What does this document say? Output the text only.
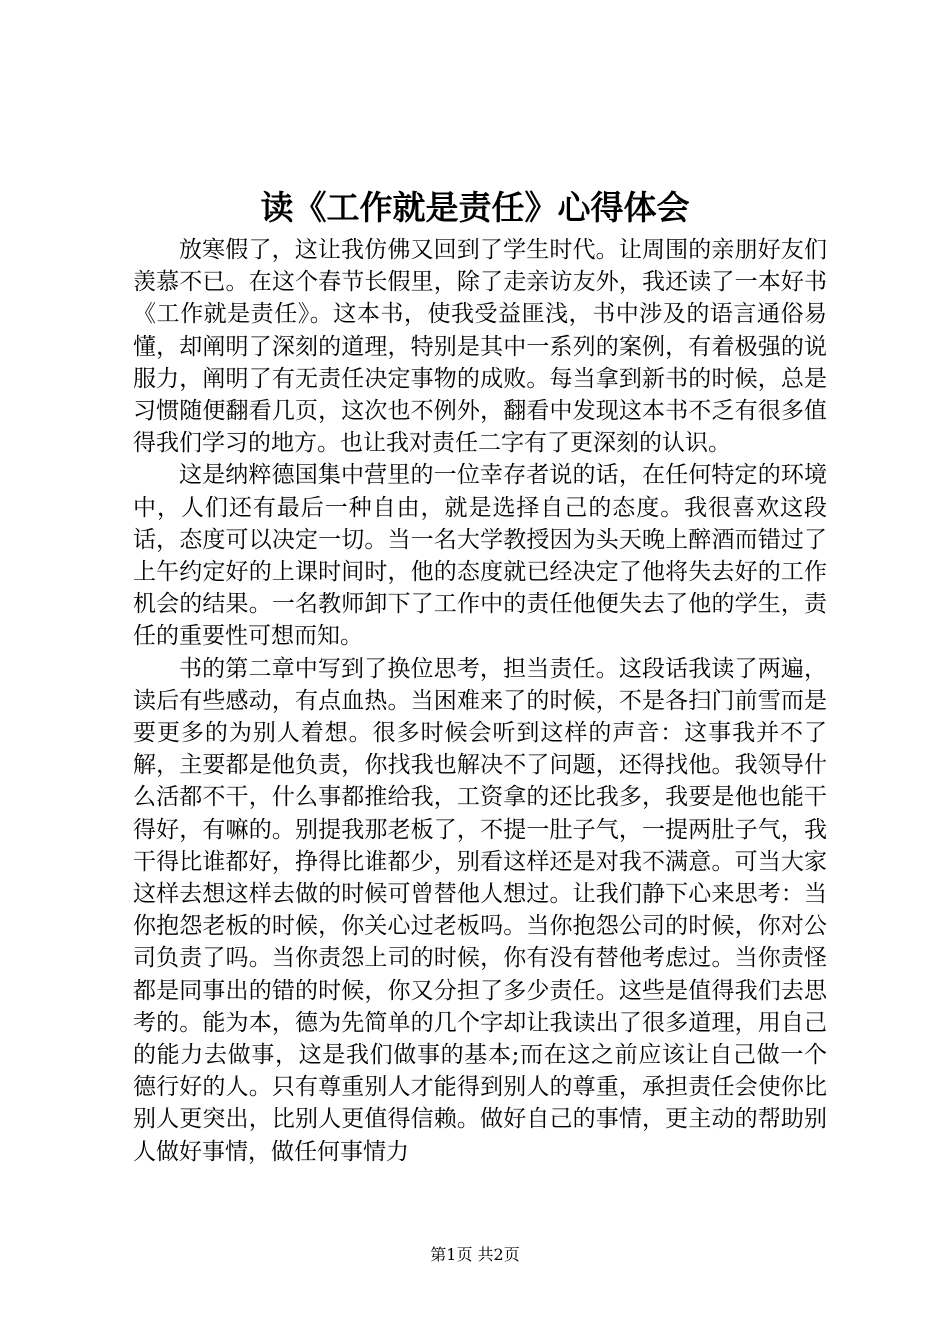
读《工作就是责任》心得体会

放寒假了，这让我仿佛又回到了学生时代。让周围的亲朋好友们羡慕不已。在这个春节长假里，除了走亲访友外，我还读了一本好书《工作就是责任》。这本书，使我受益匪浅，书中涉及的语言通俗易懂，却阐明了深刻的道理，特别是其中一系列的案例，有着极强的说服力，阐明了有无责任决定事物的成败。每当拿到新书的时候，总是习惯随便翻看几页，这次也不例外，翻看中发现这本书不乏有很多值得我们学习的地方。也让我对责任二字有了更深刻的认识。

这是纳粹德国集中营里的一位幸存者说的话，在任何特定的环境中，人们还有最后一种自由，就是选择自己的态度。我很喜欢这段话，态度可以决定一切。当一名大学教授因为头天晚上醉酒而错过了上午约定好的上课时间时，他的态度就已经决定了他将失去好的工作机会的结果。一名教师卸下了工作中的责任他便失去了他的学生，责任的重要性可想而知。

书的第二章中写到了换位思考，担当责任。这段话我读了两遍，读后有些感动，有点血热。当困难来了的时候，不是各扫门前雪而是要更多的为别人着想。很多时候会听到这样的声音：这事我并不了解，主要都是他负责，你找我也解决不了问题，还得找他。我领导什么活都不干，什么事都推给我，工资拿的还比我多，我要是他也能干得好，有嘛的。别提我那老板了，不提一肚子气，一提两肚子气，我干得比谁都好，挣得比谁都少，别看这样还是对我不满意。可当大家这样去想这样去做的时候可曾替他人想过。让我们静下心来思考：当你抱怨老板的时候，你关心过老板吗。当你抱怨公司的时候，你对公司负责了吗。当你责怨上司的时候，你有没有替他考虑过。当你责怪都是同事出的错的时候，你又分担了多少责任。这些是值得我们去思考的。能为本，德为先简单的几个字却让我读出了很多道理，用自己的能力去做事，这是我们做事的基本;而在这之前应该让自己做一个德行好的人。只有尊重别人才能得到别人的尊重，承担责任会使你比别人更突出，比别人更值得信赖。做好自己的事情，更主动的帮助别人做好事情，做任何事情力

第1页 共2页
